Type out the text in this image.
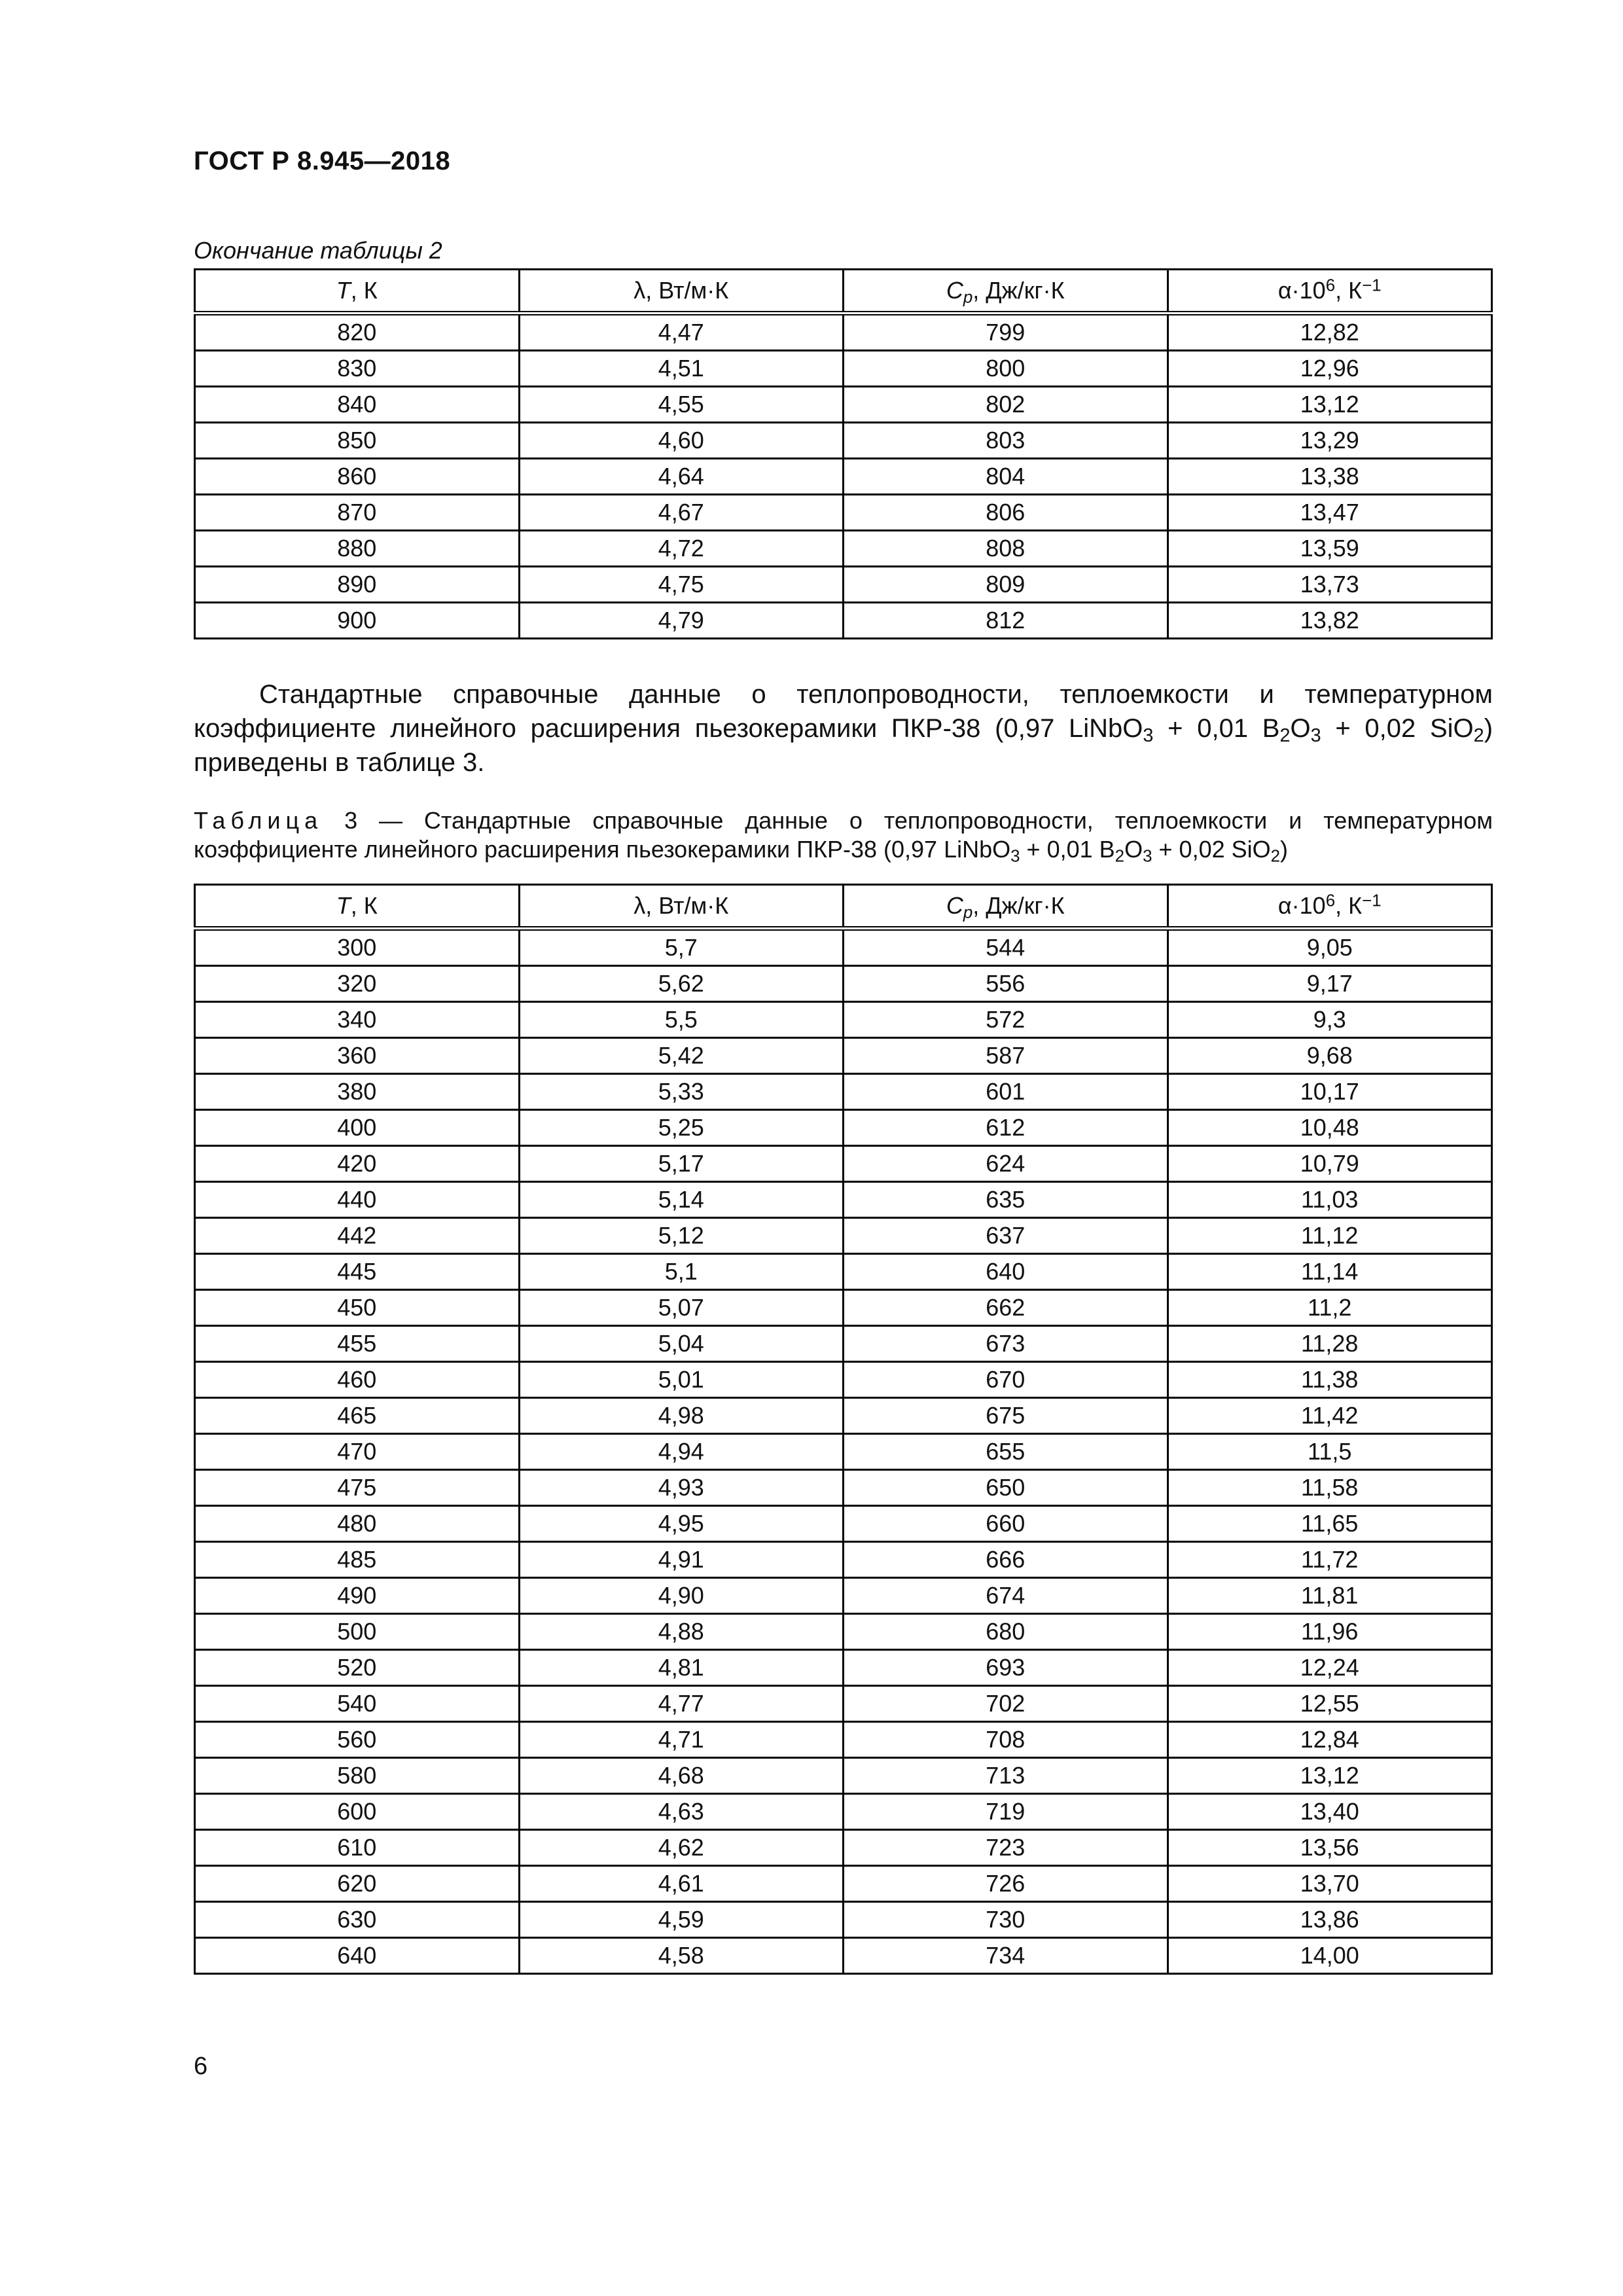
ГОСТ Р 8.945—2018
Окончание таблицы 2
T, К	λ, Вт/м·К	$C_p$, Дж/кг·К	$\alpha\cdot 10^6$, $К^{-1}$
820	4,47	799	12,82
830	4,51	800	12,96
840	4,55	802	13,12
850	4,60	803	13,29
860	4,64	804	13,38
870	4,67	806	13,47
880	4,72	808	13,59
890	4,75	809	13,73
900	4,79	812	13,82
Стандартные справочные данные о теплопроводности, теплоемкости и температурном коэффициенте линейного расширения пьезокерамики ПКР-38 (0,97 LiNbO$_3$ + 0,01 $B_2O_3 + 0,02$ SiO$_2$) приведены в таблице 3.
Таблица 3 — Стандартные справочные данные о теплопроводности, теплоемкости и температурном коэффициенте линейного расширения пьезокерамики ПКР-38 (0,97 LiNbO$_3$ + 0,01 $B_2O_3 + 0,02$ SiO$_2$)
T, К	λ, Вт/м·К	$C_p$, Дж/кг·К	$\alpha\cdot 10^6$, $К^{-1}$
300	5,7	544	9,05
320	5,62	556	9,17
340	5,5	572	9,3
360	5,42	587	9,68
380	5,33	601	10,17
400	5,25	612	10,48
420	5,17	624	10,79
440	5,14	635	11,03
442	5,12	637	11,12
445	5,1	640	11,14
450	5,07	662	11,2
455	5,04	673	11,28
460	5,01	670	11,38
465	4,98	675	11,42
470	4,94	655	11,5
475	4,93	650	11,58
480	4,95	660	11,65
485	4,91	666	11,72
490	4,90	674	11,81
500	4,88	680	11,96
520	4,81	693	12,24
540	4,77	702	12,55
560	4,71	708	12,84
580	4,68	713	13,12
600	4,63	719	13,40
610	4,62	723	13,56
620	4,61	726	13,70
630	4,59	730	13,86
640	4,58	734	14,00
6
